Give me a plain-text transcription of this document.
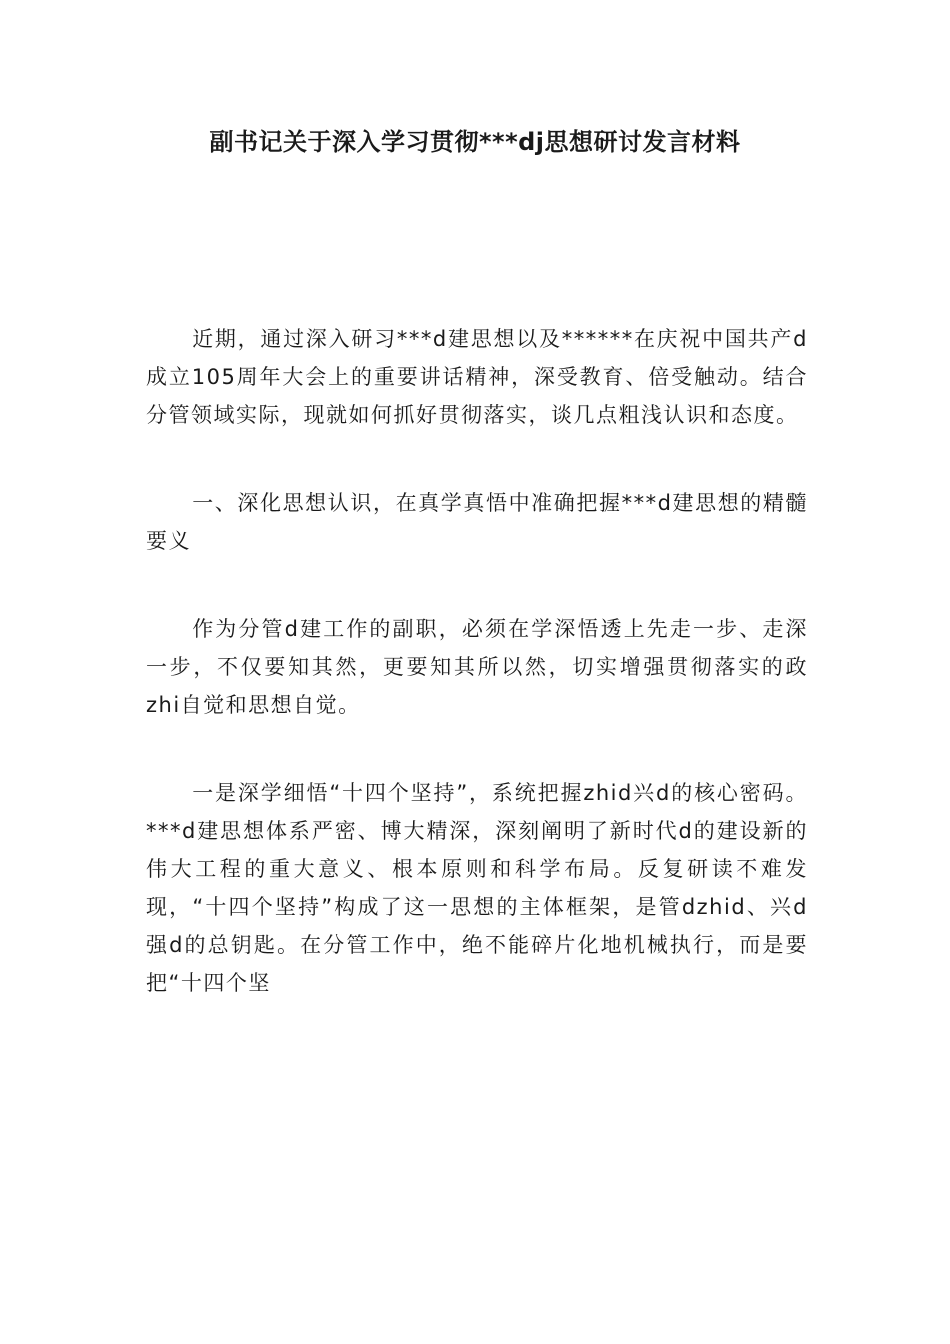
副书记关于深入学习贯彻***dj思想研讨发言材料

近期，通过深入研习***d建思想以及******在庆祝中国共产d成立105周年大会上的重要讲话精神，深受教育、倍受触动。结合分管领域实际，现就如何抓好贯彻落实，谈几点粗浅认识和态度。

一、深化思想认识，在真学真悟中准确把握***d建思想的精髓要义

作为分管d建工作的副职，必须在学深悟透上先走一步、走深一步，不仅要知其然，更要知其所以然，切实增强贯彻落实的政zhi自觉和思想自觉。

一是深学细悟“十四个坚持”，系统把握zhid兴d的核心密码。***d建思想体系严密、博大精深，深刻阐明了新时代d的建设新的伟大工程的重大意义、根本原则和科学布局。反复研读不难发现，“十四个坚持”构成了这一思想的主体框架，是管dzhid、兴d强d的总钥匙。在分管工作中，绝不能碎片化地机械执行，而是要把“十四个坚
